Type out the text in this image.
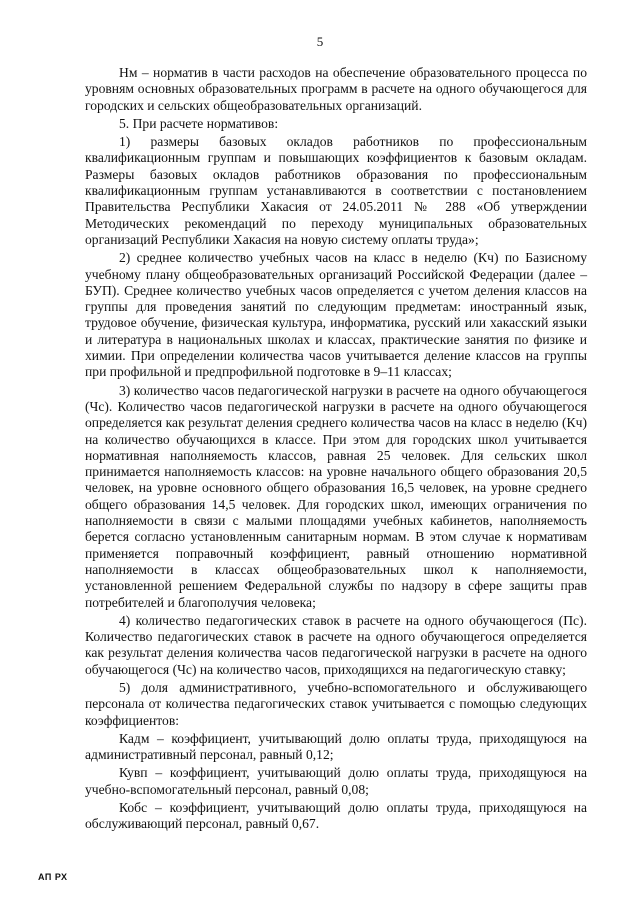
5

Нм – норматив в части расходов на обеспечение образовательного процесса по уровням основных образовательных программ в расчете на одного обучающегося для городских и сельских общеобразовательных организаций.

5. При расчете нормативов:

1) размеры базовых окладов работников по профессиональным квалификационным группам и повышающих коэффициентов к базовым окладам. Размеры базовых окладов работников образования по профессиональным квалификационным группам устанавливаются в соответствии с постановлением Правительства Республики Хакасия от 24.05.2011 № 288 «Об утверждении Методических рекомендаций по переходу муниципальных образовательных организаций Республики Хакасия на новую систему оплаты труда»;

2) среднее количество учебных часов на класс в неделю (Кч) по Базисному учебному плану общеобразовательных организаций Российской Федерации (далее – БУП). Среднее количество учебных часов определяется с учетом деления классов на группы для проведения занятий по следующим предметам: иностранный язык, трудовое обучение, физическая культура, информатика, русский или хакасский языки и литература в национальных школах и классах, практические занятия по физике и химии. При определении количества часов учитывается деление классов на группы при профильной и предпрофильной подготовке в 9–11 классах;

3) количество часов педагогической нагрузки в расчете на одного обучающегося (Чс). Количество часов педагогической нагрузки в расчете на одного обучающегося определяется как результат деления среднего количества часов на класс в неделю (Кч) на количество обучающихся в классе. При этом для городских школ учитывается нормативная наполняемость классов, равная 25 человек. Для сельских школ принимается наполняемость классов: на уровне начального общего образования 20,5 человек, на уровне основного общего образования 16,5 человек, на уровне среднего общего образования 14,5 человек. Для городских школ, имеющих ограничения по наполняемости в связи с малыми площадями учебных кабинетов, наполняемость берется согласно установленным санитарным нормам. В этом случае к нормативам применяется поправочный коэффициент, равный отношению нормативной наполняемости в классах общеобразовательных школ к наполняемости, установленной решением Федеральной службы по надзору в сфере защиты прав потребителей и благополучия человека;

4) количество педагогических ставок в расчете на одного обучающегося (Пс). Количество педагогических ставок в расчете на одного обучающегося определяется как результат деления количества часов педагогической нагрузки в расчете на одного обучающегося (Чс) на количество часов, приходящихся на педагогическую ставку;

5) доля административного, учебно-вспомогательного и обслуживающего персонала от количества педагогических ставок учитывается с помощью следующих коэффициентов:

Кадм – коэффициент, учитывающий долю оплаты труда, приходящуюся на административный персонал, равный 0,12;

Кувп – коэффициент, учитывающий долю оплаты труда, приходящуюся на учебно-вспомогательный персонал, равный 0,08;

Кобс – коэффициент, учитывающий долю оплаты труда, приходящуюся на обслуживающий персонал, равный 0,67.

АП РХ
